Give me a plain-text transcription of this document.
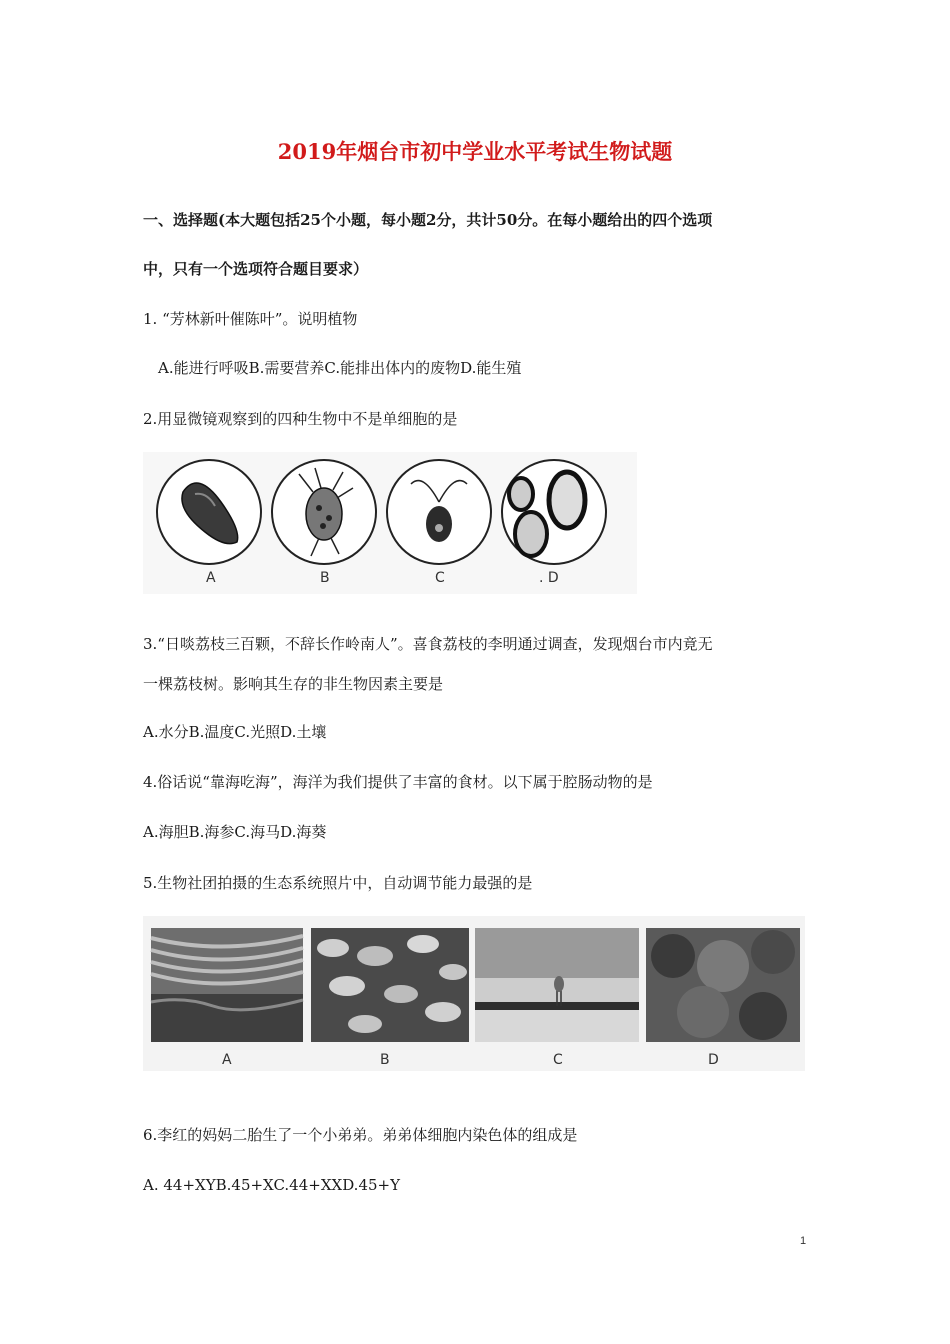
2019年烟台市初中学业水平考试生物试题
一、选择题(本大题包括25个小题，每小题2分，共计50分。在每小题给出的四个选项
中，只有一个选项符合题目要求）
1. “芳林新叶催陈叶”。说明植物
A.能进行呼吸B.需要营养C.能排出体内的废物D.能生殖
2.用显微镜观察到的四种生物中不是单细胞的是
A	B	C	. D
3.“日啖荔枝三百颗，不辞长作岭南人”。喜食荔枝的李明通过调查，发现烟台市内竟无
一棵荔枝树。影响其生存的非生物因素主要是
A.水分B.温度C.光照D.土壤
4.俗话说“靠海吃海”，海洋为我们提供了丰富的食材。以下属于腔肠动物的是
A.海胆B.海参C.海马D.海葵
5.生物社团拍摄的生态系统照片中，自动调节能力最强的是
A	B	C	D
6.李红的妈妈二胎生了一个小弟弟。弟弟体细胞内染色体的组成是
A. 44+XYB.45+XC.44+XXD.45+Y
1
